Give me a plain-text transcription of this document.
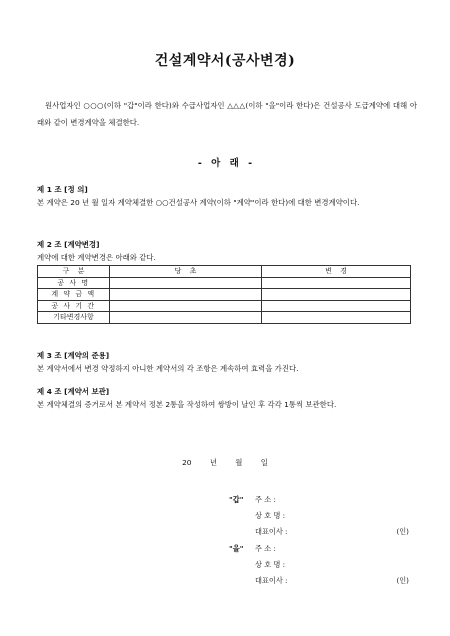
건설계약서(공사변경)
원사업자인 ○○○(이하 "갑"이라 한다)와 수급사업자인 △△△(이하 "을"이라 한다)은 건설공사 도급계약에 대해 아래와 같이 변경계약을 체결한다.
- 아 래 -
제 1 조 [정 의]
본 계약은 20 년 월 일자 계약체결한 ○○건설공사 계약(이하 "계약"이라 한다)에 대한 변경계약이다.
제 2 조 [계약변경]
계약에 대한 계약변경은 아래와 같다.
구 분	당 초	변 경
공 사 명		
계 약 금 액		
공 사 기 간		
기타변경사항		
제 3 조 [계약의 준용]
본 계약서에서 변경 약정하지 아니한 계약서의 각 조항은 계속하여 효력을 가진다.
제 4 조 [계약서 보관]
본 계약체결의 증거로서 본 계약서 정본 2통을 작성하여 쌍방이 날인 후 각각 1통씩 보관한다.
20 년 월 일
"갑" 주 소 :
상 호 명 :
대표이사 :	(인)
"을" 주 소 :
상 호 명 :
대표이사 :	(인)
